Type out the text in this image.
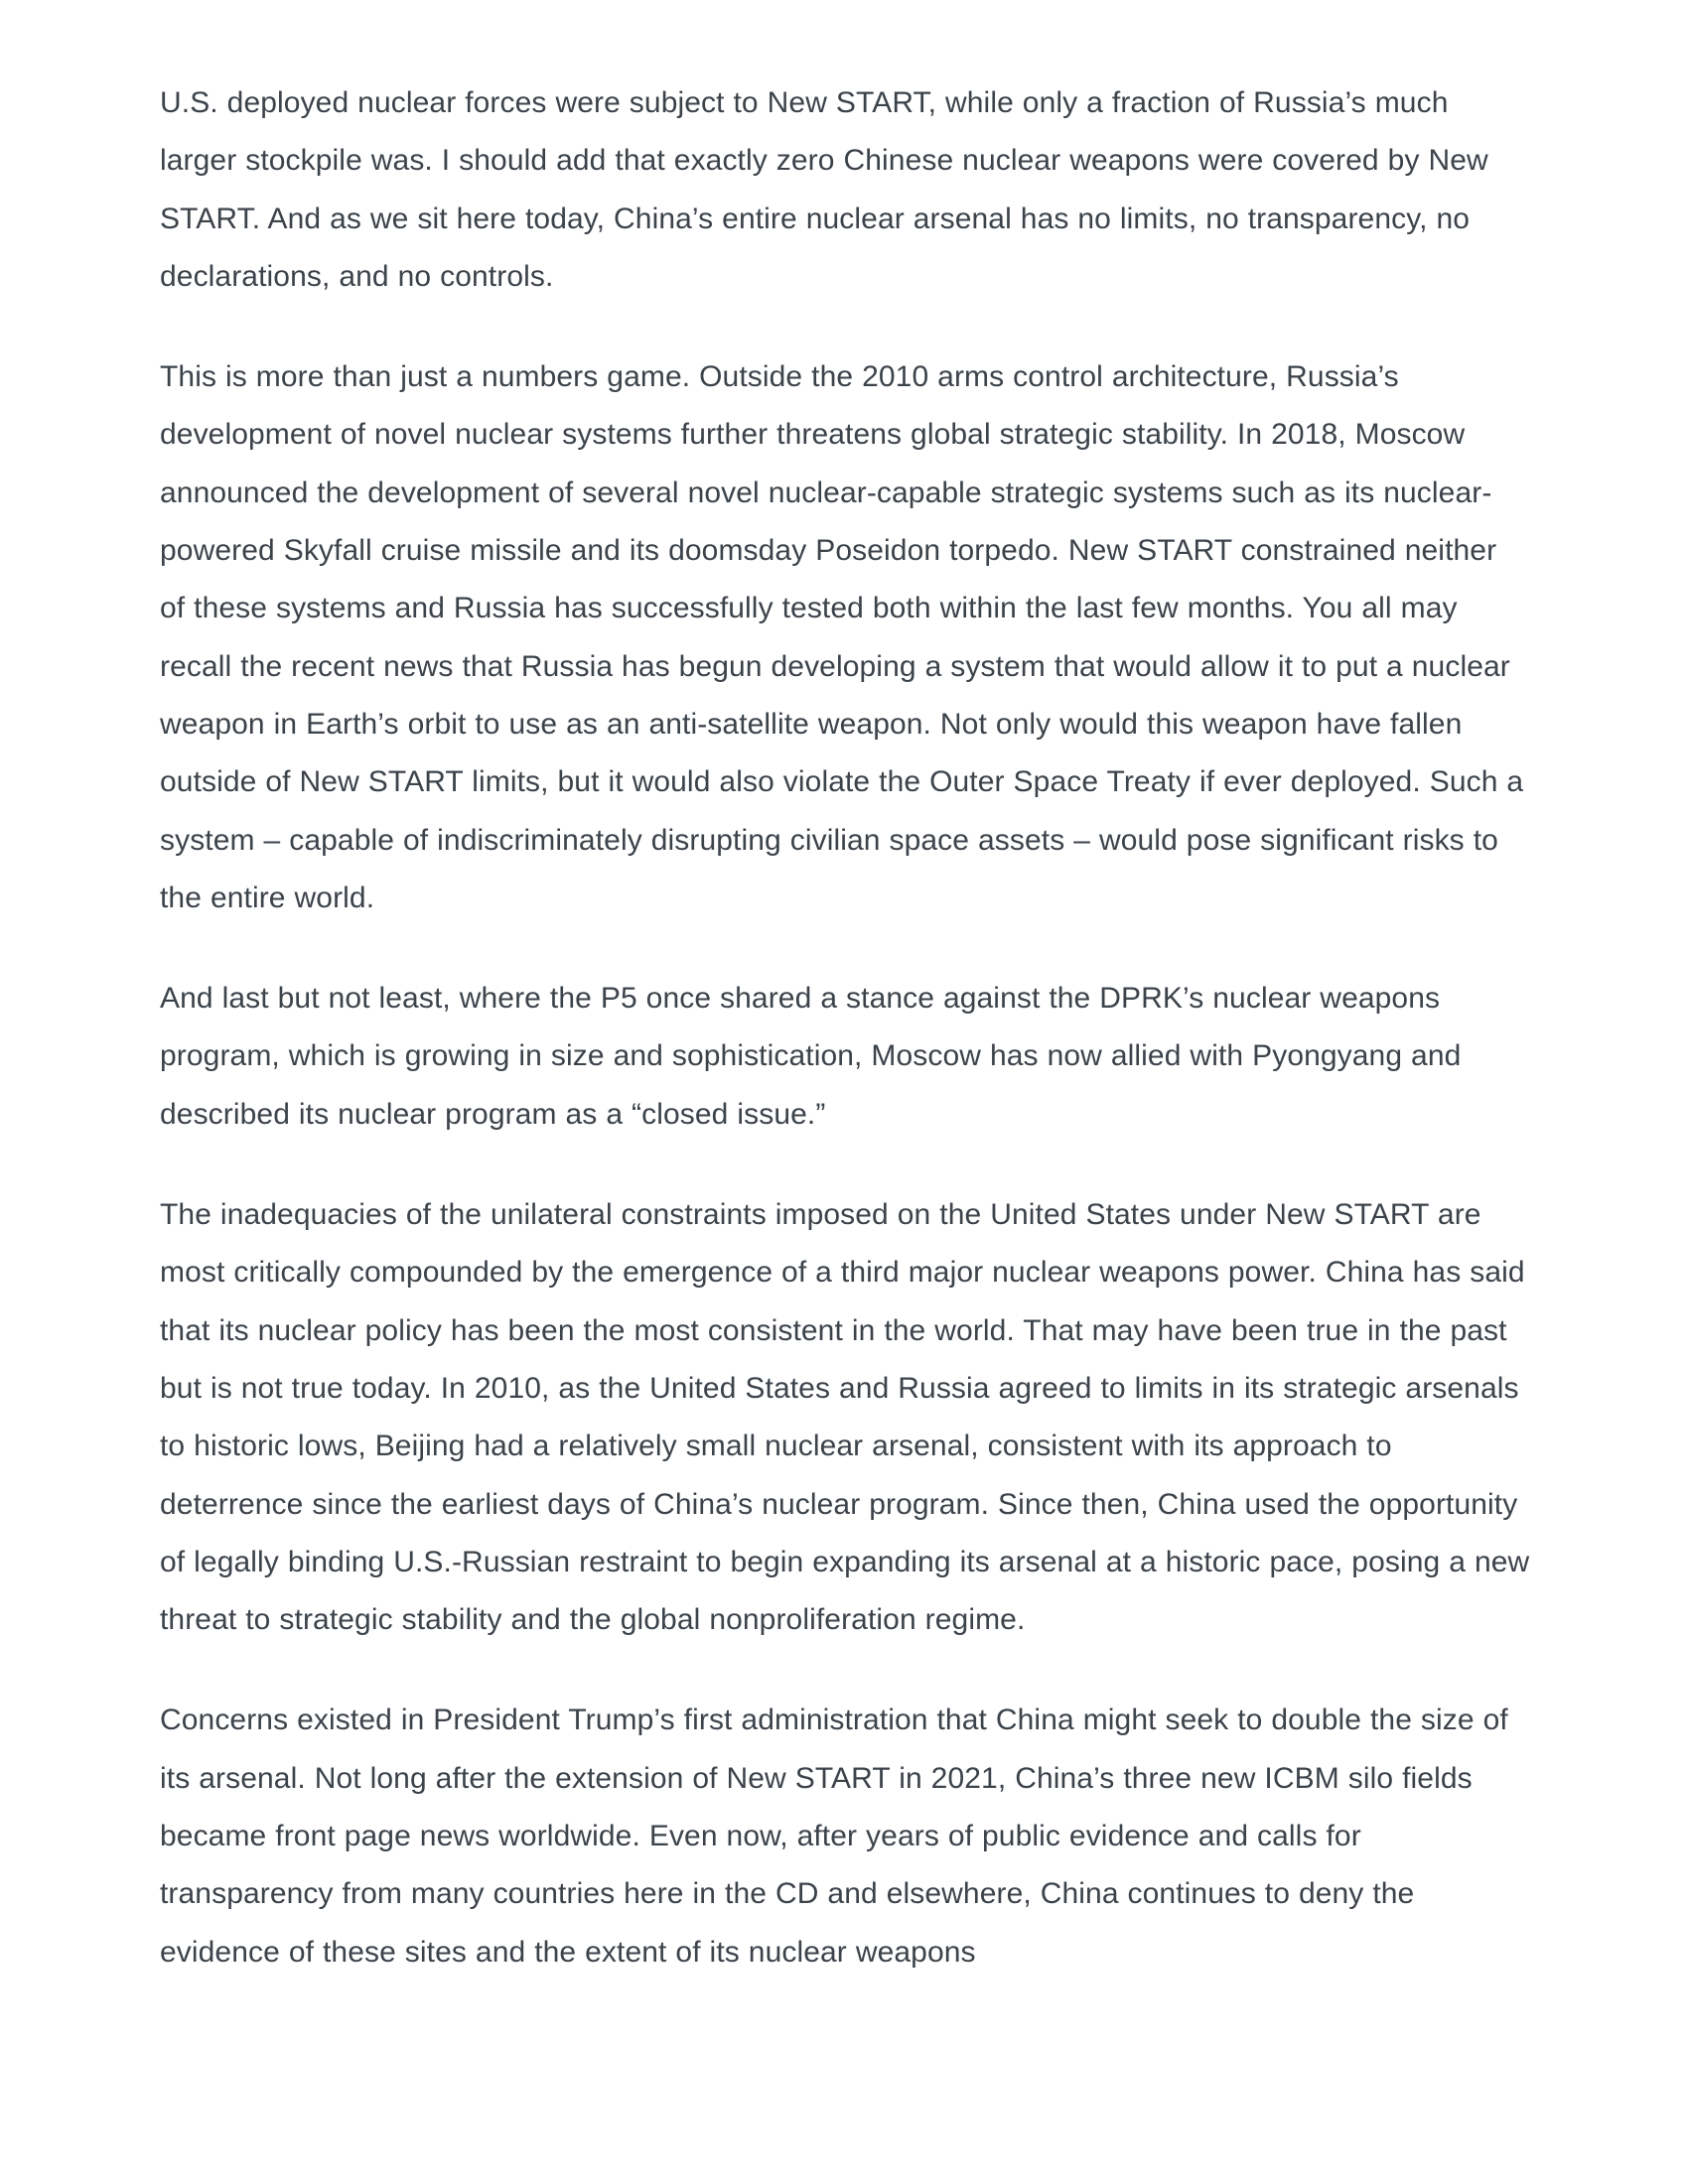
U.S. deployed nuclear forces were subject to New START, while only a fraction of Russia’s much larger stockpile was. I should add that exactly zero Chinese nuclear weapons were covered by New START. And as we sit here today, China’s entire nuclear arsenal has no limits, no transparency, no declarations, and no controls.

This is more than just a numbers game. Outside the 2010 arms control architecture, Russia’s development of novel nuclear systems further threatens global strategic stability. In 2018, Moscow announced the development of several novel nuclear-capable strategic systems such as its nuclear-powered Skyfall cruise missile and its doomsday Poseidon torpedo. New START constrained neither of these systems and Russia has successfully tested both within the last few months. You all may recall the recent news that Russia has begun developing a system that would allow it to put a nuclear weapon in Earth’s orbit to use as an anti-satellite weapon. Not only would this weapon have fallen outside of New START limits, but it would also violate the Outer Space Treaty if ever deployed. Such a system – capable of indiscriminately disrupting civilian space assets – would pose significant risks to the entire world.

And last but not least, where the P5 once shared a stance against the DPRK’s nuclear weapons program, which is growing in size and sophistication, Moscow has now allied with Pyongyang and described its nuclear program as a “closed issue.”

The inadequacies of the unilateral constraints imposed on the United States under New START are most critically compounded by the emergence of a third major nuclear weapons power. China has said that its nuclear policy has been the most consistent in the world. That may have been true in the past but is not true today. In 2010, as the United States and Russia agreed to limits in its strategic arsenals to historic lows, Beijing had a relatively small nuclear arsenal, consistent with its approach to deterrence since the earliest days of China’s nuclear program. Since then, China used the opportunity of legally binding U.S.-Russian restraint to begin expanding its arsenal at a historic pace, posing a new threat to strategic stability and the global nonproliferation regime.

Concerns existed in President Trump’s first administration that China might seek to double the size of its arsenal. Not long after the extension of New START in 2021, China’s three new ICBM silo fields became front page news worldwide. Even now, after years of public evidence and calls for transparency from many countries here in the CD and elsewhere, China continues to deny the evidence of these sites and the extent of its nuclear weapons
